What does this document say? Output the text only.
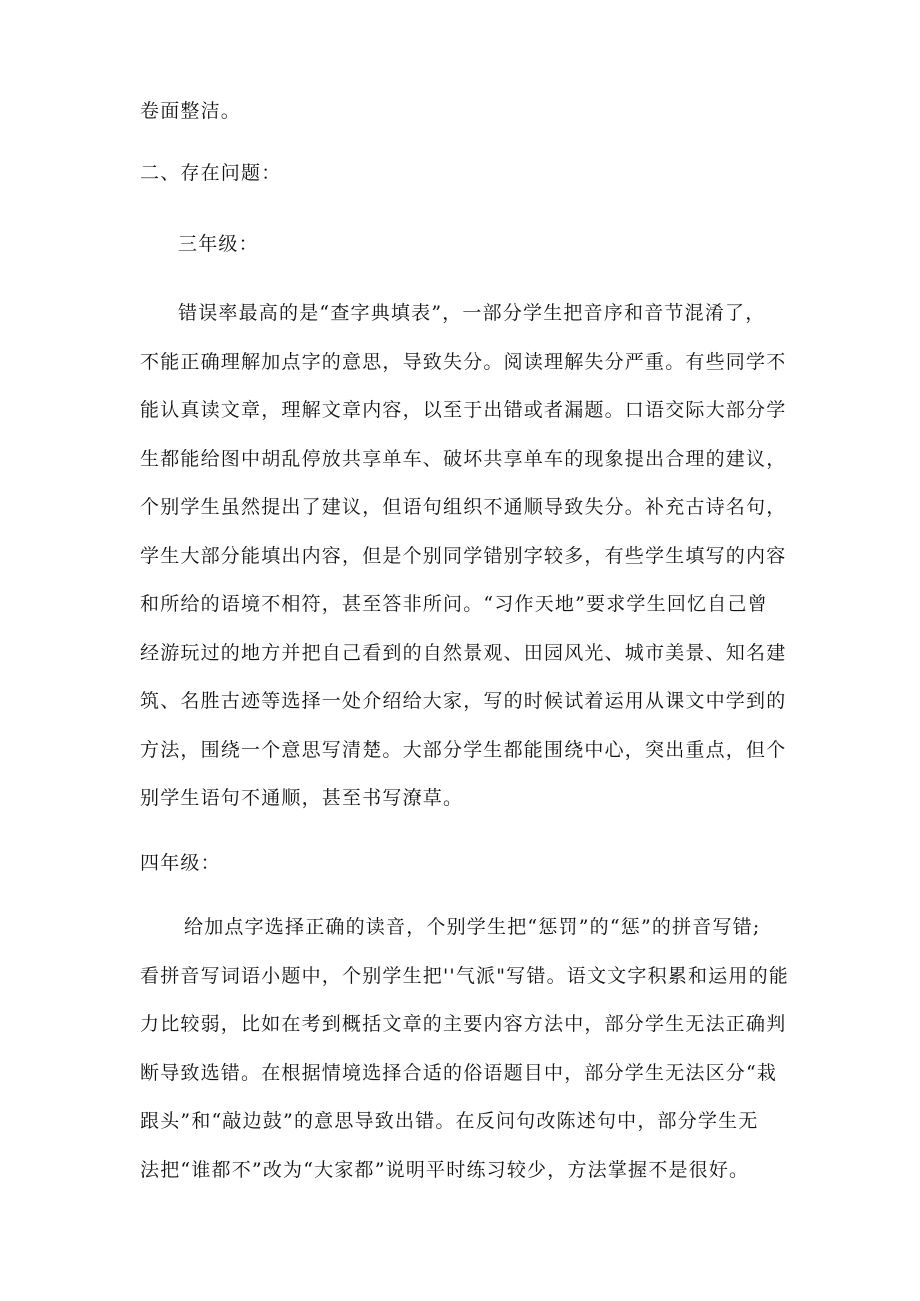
卷面整洁。
二、存在问题：
三年级：
错误率最高的是“查字典填表”，一部分学生把音序和音节混淆了，
不能正确理解加点字的意思，导致失分。阅读理解失分严重。有些同学不
能认真读文章，理解文章内容，以至于出错或者漏题。口语交际大部分学
生都能给图中胡乱停放共享单车、破坏共享单车的现象提出合理的建议，
个别学生虽然提出了建议，但语句组织不通顺导致失分。补充古诗名句，
学生大部分能填出内容，但是个别同学错别字较多，有些学生填写的内容
和所给的语境不相符，甚至答非所问。“习作天地”要求学生回忆自己曾
经游玩过的地方并把自己看到的自然景观、田园风光、城市美景、知名建
筑、名胜古迹等选择一处介绍给大家，写的时候试着运用从课文中学到的
方法，围绕一个意思写清楚。大部分学生都能围绕中心，突出重点，但个
别学生语句不通顺，甚至书写潦草。
四年级：
给加点字选择正确的读音，个别学生把“惩罚”的“惩”的拼音写错;
看拼音写词语小题中，个别学生把''气派"写错。语文文字积累和运用的能
力比较弱，比如在考到概括文章的主要内容方法中，部分学生无法正确判
断导致选错。在根据情境选择合适的俗语题目中，部分学生无法区分“栽
跟头”和“敲边鼓”的意思导致出错。在反问句改陈述句中，部分学生无
法把“谁都不”改为“大家都”说明平时练习较少，方法掌握不是很好。
